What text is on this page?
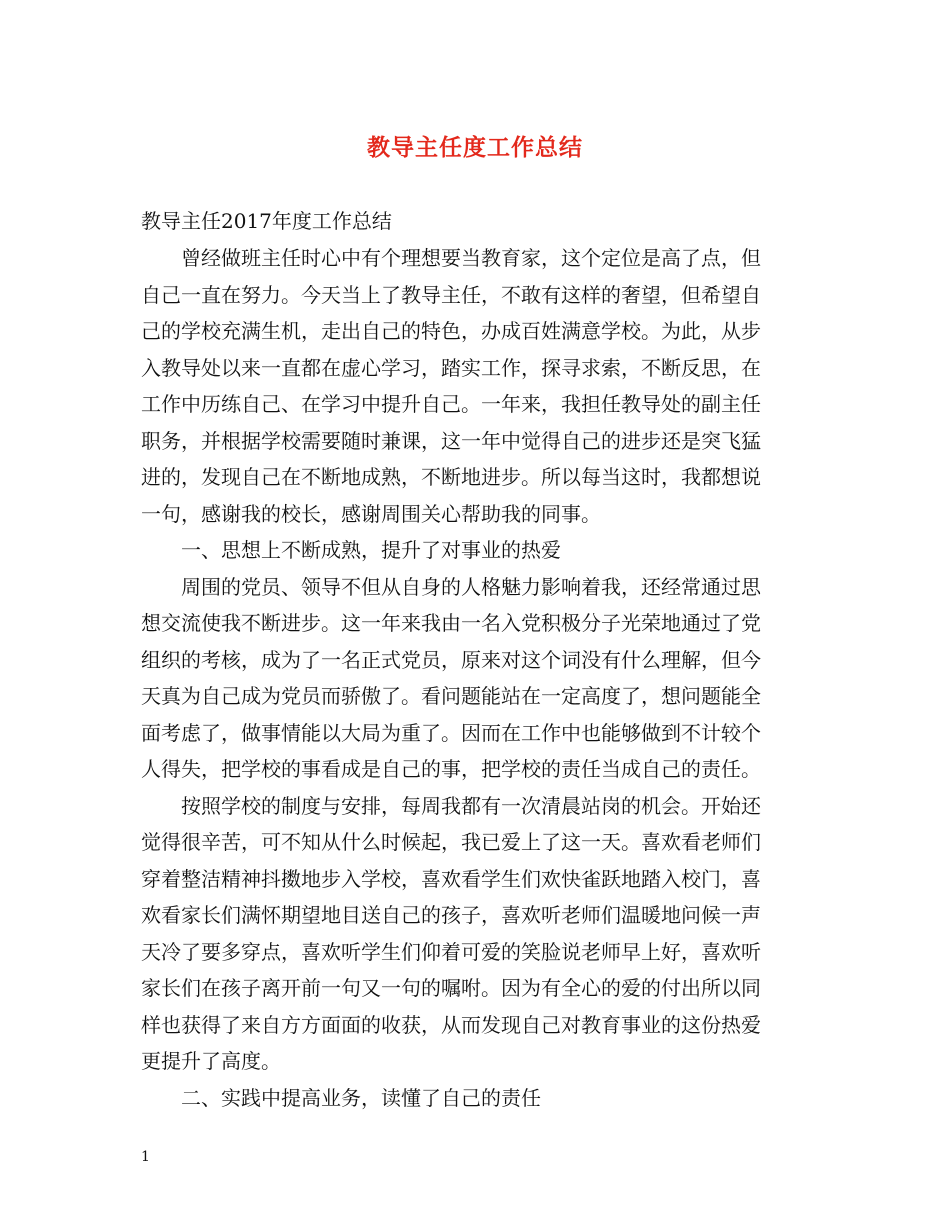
教导主任度工作总结
教导主任2017年度工作总结
　　曾经做班主任时心中有个理想要当教育家，这个定位是高了点，但
自己一直在努力。今天当上了教导主任，不敢有这样的奢望，但希望自
己的学校充满生机，走出自己的特色，办成百姓满意学校。为此，从步
入教导处以来一直都在虚心学习，踏实工作，探寻求索，不断反思，在
工作中历练自己、在学习中提升自己。一年来，我担任教导处的副主任
职务，并根据学校需要随时兼课，这一年中觉得自己的进步还是突飞猛
进的，发现自己在不断地成熟，不断地进步。所以每当这时，我都想说
一句，感谢我的校长，感谢周围关心帮助我的同事。
　　一、思想上不断成熟，提升了对事业的热爱
　　周围的党员、领导不但从自身的人格魅力影响着我，还经常通过思
想交流使我不断进步。这一年来我由一名入党积极分子光荣地通过了党
组织的考核，成为了一名正式党员，原来对这个词没有什么理解，但今
天真为自己成为党员而骄傲了。看问题能站在一定高度了，想问题能全
面考虑了，做事情能以大局为重了。因而在工作中也能够做到不计较个
人得失，把学校的事看成是自己的事，把学校的责任当成自己的责任。
　　按照学校的制度与安排，每周我都有一次清晨站岗的机会。开始还
觉得很辛苦，可不知从什么时候起，我已爱上了这一天。喜欢看老师们
穿着整洁精神抖擞地步入学校，喜欢看学生们欢快雀跃地踏入校门，喜
欢看家长们满怀期望地目送自己的孩子，喜欢听老师们温暖地问候一声
天冷了要多穿点，喜欢听学生们仰着可爱的笑脸说老师早上好，喜欢听
家长们在孩子离开前一句又一句的嘱咐。因为有全心的爱的付出所以同
样也获得了来自方方面面的收获，从而发现自己对教育事业的这份热爱
更提升了高度。
　　二、实践中提高业务，读懂了自己的责任
1
